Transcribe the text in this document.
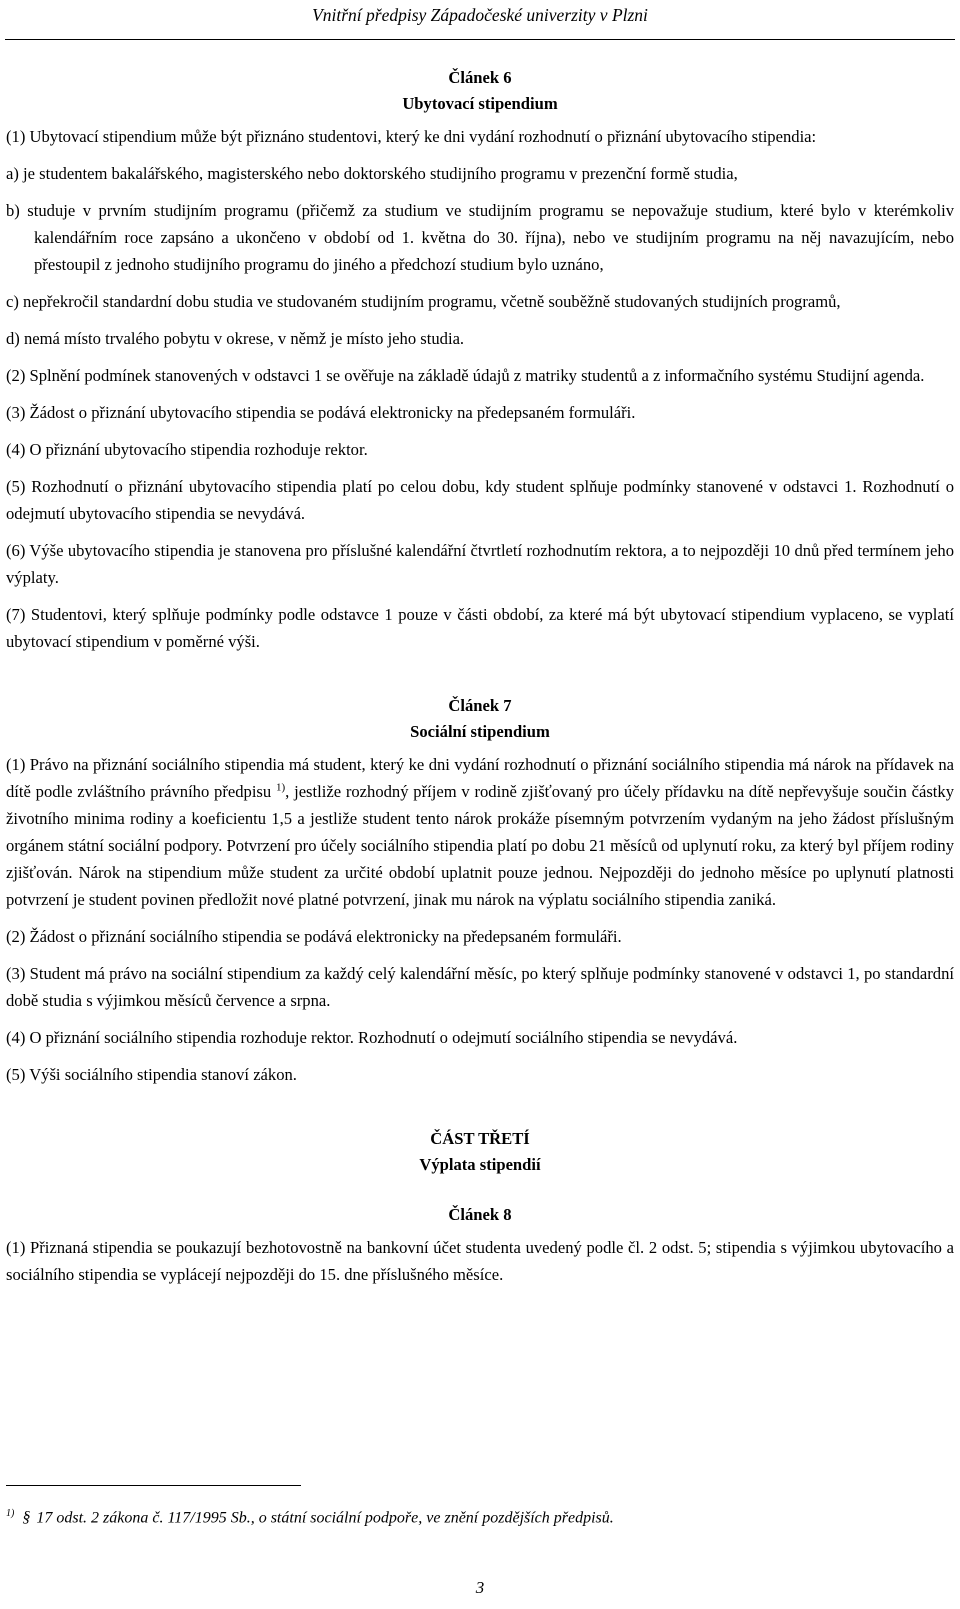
Vnitřní předpisy Západočeské univerzity v Plzni

Článek 6

Ubytovací stipendium

(1) Ubytovací stipendium může být přiznáno studentovi, který ke dni vydání rozhodnutí o přiznání ubytovacího stipendia:

a) je studentem bakalářského, magisterského nebo doktorského studijního programu v prezenční formě studia,

b) studuje v prvním studijním programu (přičemž za studium ve studijním programu se nepovažuje studium, které bylo v kterémkoliv kalendářním roce zapsáno a ukončeno v období od 1. května do 30. října), nebo ve studijním programu na něj navazujícím, nebo přestoupil z jednoho studijního programu do jiného a předchozí studium bylo uznáno,

c) nepřekročil standardní dobu studia ve studovaném studijním programu, včetně souběžně studovaných studijních programů,

d) nemá místo trvalého pobytu v okrese, v němž je místo jeho studia.

(2) Splnění podmínek stanovených v odstavci 1 se ověřuje na základě údajů z matriky studentů a z informačního systému Studijní agenda.

(3) Žádost o přiznání ubytovacího stipendia se podává elektronicky na předepsaném formuláři.

(4) O přiznání ubytovacího stipendia rozhoduje rektor.

(5) Rozhodnutí o přiznání ubytovacího stipendia platí po celou dobu, kdy student splňuje podmínky stanovené v odstavci 1. Rozhodnutí o odejmutí ubytovacího stipendia se nevydává.

(6) Výše ubytovacího stipendia je stanovena pro příslušné kalendářní čtvrtletí rozhodnutím rektora, a to nejpozději 10 dnů před termínem jeho výplaty.

(7) Studentovi, který splňuje podmínky podle odstavce 1 pouze v části období, za které má být ubytovací stipendium vyplaceno, se vyplatí ubytovací stipendium v poměrné výši.

Článek 7

Sociální stipendium

(1) Právo na přiznání sociálního stipendia má student, který ke dni vydání rozhodnutí o přiznání sociálního stipendia má nárok na přídavek na dítě podle zvláštního právního předpisu $^{1)}$, jestliže rozhodný příjem v rodině zjišťovaný pro účely přídavku na dítě nepřevyšuje součin částky životního minima rodiny a koeficientu 1,5 a jestliže student tento nárok prokáže písemným potvrzením vydaným na jeho žádost příslušným orgánem státní sociální podpory. Potvrzení pro účely sociálního stipendia platí po dobu 21 měsíců od uplynutí roku, za který byl příjem rodiny zjišťován. Nárok na stipendium může student za určité období uplatnit pouze jednou. Nejpozději do jednoho měsíce po uplynutí platnosti potvrzení je student povinen předložit nové platné potvrzení, jinak mu nárok na výplatu sociálního stipendia zaniká.

(2) Žádost o přiznání sociálního stipendia se podává elektronicky na předepsaném formuláři.

(3) Student má právo na sociální stipendium za každý celý kalendářní měsíc, po který splňuje podmínky stanovené v odstavci 1, po standardní době studia s výjimkou měsíců července a srpna.

(4) O přiznání sociálního stipendia rozhoduje rektor. Rozhodnutí o odejmutí sociálního stipendia se nevydává.

(5) Výši sociálního stipendia stanoví zákon.

ČÁST TŘETÍ

Výplata stipendií

Článek 8

(1) Přiznaná stipendia se poukazují bezhotovostně na bankovní účet studenta uvedený podle čl. 2 odst. 5; stipendia s výjimkou ubytovacího a sociálního stipendia se vyplácejí nejpozději do 15. dne příslušného měsíce.

$^{1)}$ § 17 odst. 2 zákona č. 117/1995 Sb., o státní sociální podpoře, ve znění pozdějších předpisů.
3
